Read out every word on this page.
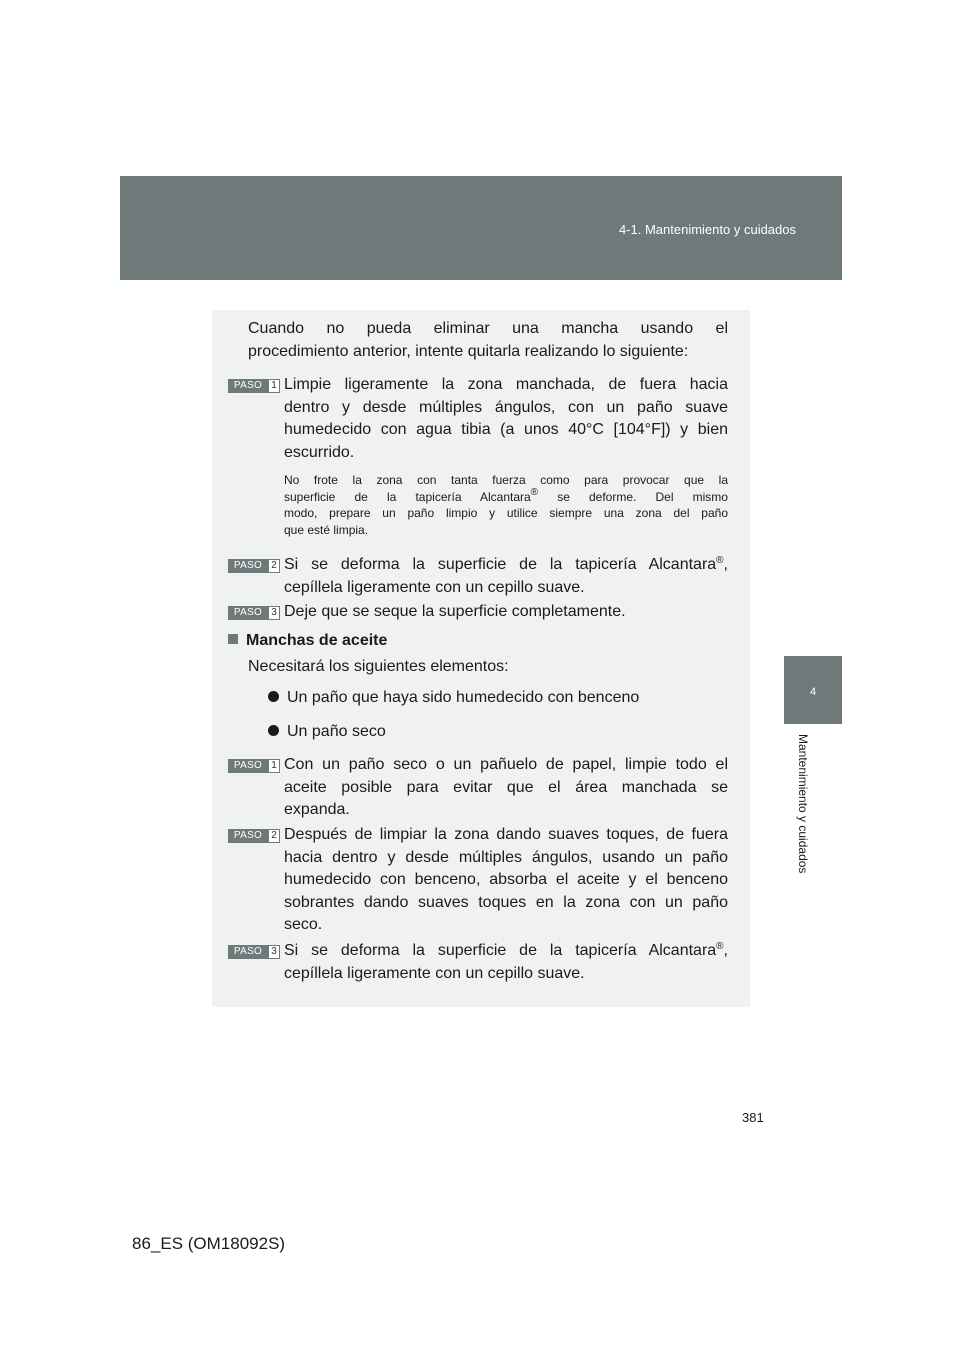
4-1. Mantenimiento y cuidados
4
Mantenimiento y cuidados
Cuando no pueda eliminar una mancha usando el
procedimiento anterior, intente quitarla realizando lo siguiente:
PASO 1 Limpie ligeramente la zona manchada, de fuera hacia
dentro y desde múltiples ángulos, con un paño suave
humedecido con agua tibia (a unos 40°C [104°F]) y bien
escurrido.
No frote la zona con tanta fuerza como para provocar que la
superficie de la tapicería Alcantara® se deforme. Del mismo
modo, prepare un paño limpio y utilice siempre una zona del paño
que esté limpia.
PASO 2 Si se deforma la superficie de la tapicería Alcantara®,
cepíllela ligeramente con un cepillo suave.
PASO 3 Deje que se seque la superficie completamente.
Manchas de aceite
Necesitará los siguientes elementos:
Un paño que haya sido humedecido con benceno
Un paño seco
PASO 1 Con un paño seco o un pañuelo de papel, limpie todo el
aceite posible para evitar que el área manchada se
expanda.
PASO 2 Después de limpiar la zona dando suaves toques, de fuera
hacia dentro y desde múltiples ángulos, usando un paño
humedecido con benceno, absorba el aceite y el benceno
sobrantes dando suaves toques en la zona con un paño
seco.
PASO 3 Si se deforma la superficie de la tapicería Alcantara®,
cepíllela ligeramente con un cepillo suave.
381
86_ES (OM18092S)
